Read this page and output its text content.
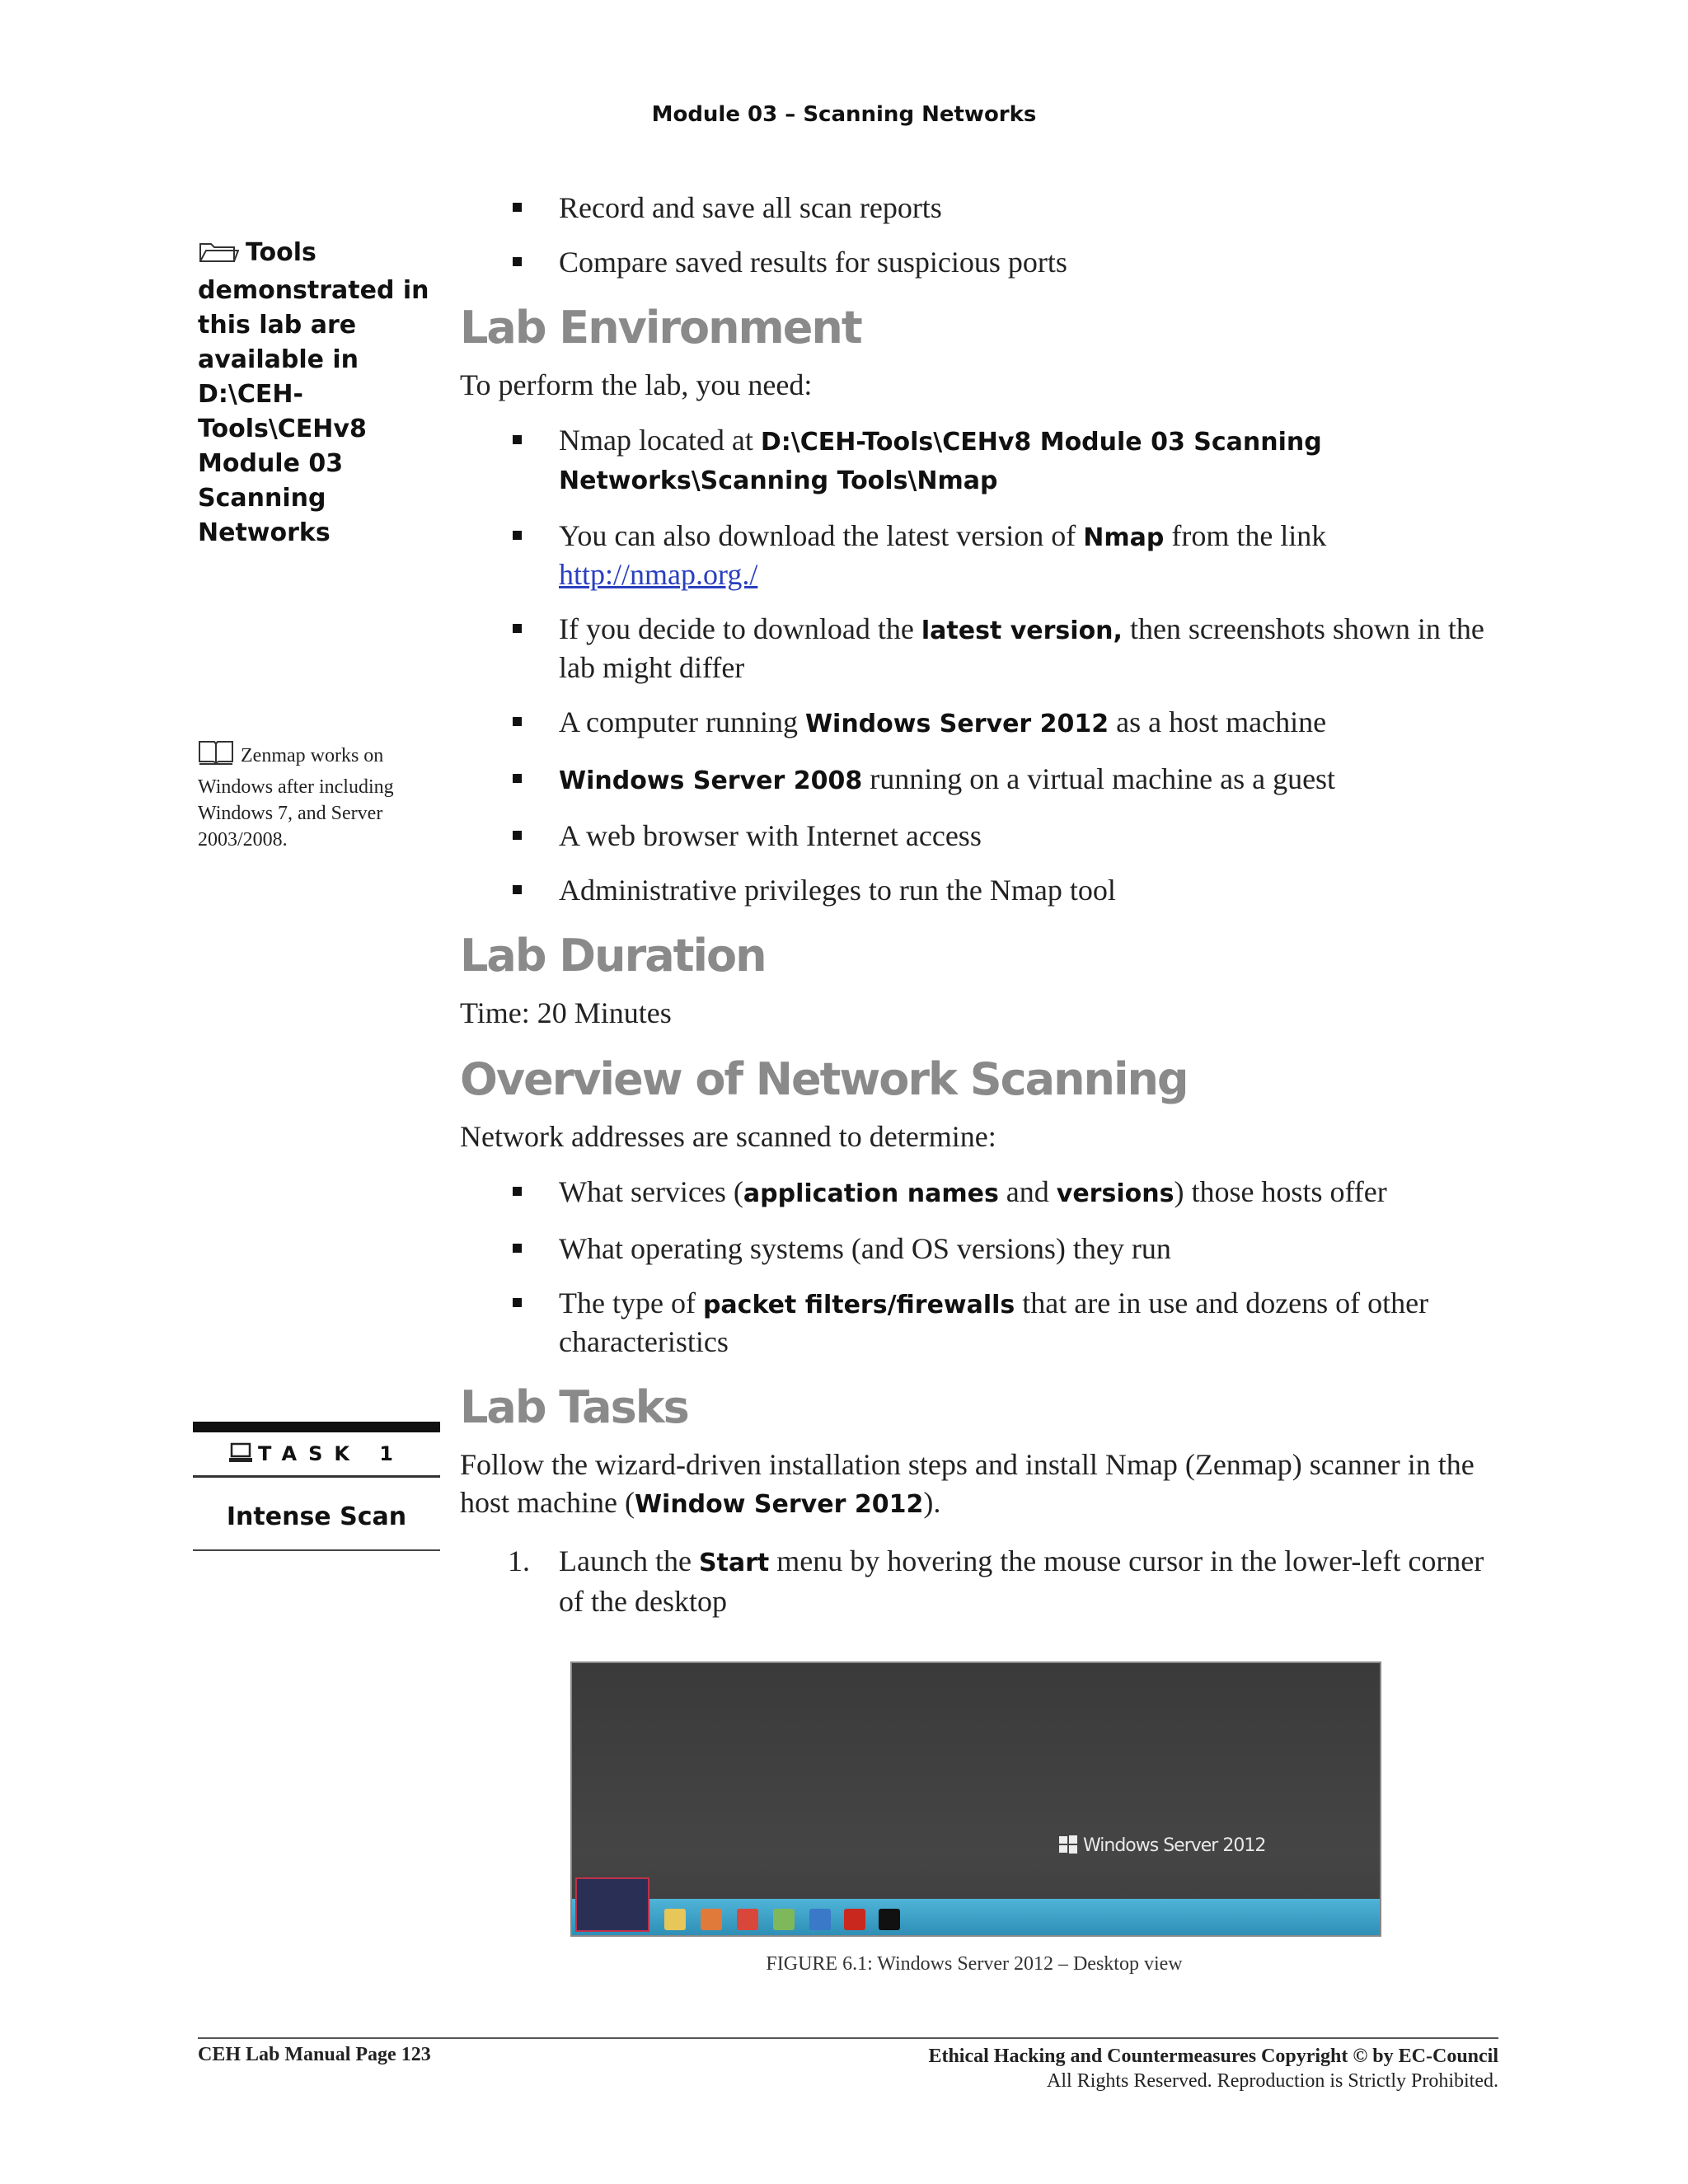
Module 03 – Scanning Networks
Tools demonstrated in this lab are available in D:\CEH-Tools\CEHv8 Module 03 Scanning Networks
Zenmap works on Windows after including Windows 7, and Server 2003/2008.
TASK 1
Intense Scan
Record and save all scan reports
Compare saved results for suspicious ports
Lab Environment

To perform the lab, you need:

Nmap located at D:\CEH-Tools\CEHv8 Module 03 Scanning Networks\Scanning Tools\Nmap
You can also download the latest version of Nmap from the link http://nmap.org./
If you decide to download the latest version, then screenshots shown in the lab might differ
A computer running Windows Server 2012 as a host machine
Windows Server 2008 running on a virtual machine as a guest
A web browser with Internet access
Administrative privileges to run the Nmap tool
Lab Duration

Time: 20 Minutes

Overview of Network Scanning

Network addresses are scanned to determine:

What services (application names and versions) those hosts offer
What operating systems (and OS versions) they run
The type of packet filters/firewalls that are in use and dozens of other characteristics
Lab Tasks

Follow the wizard-driven installation steps and install Nmap (Zenmap) scanner in the host machine (Window Server 2012).

1. Launch the Start menu by hovering the mouse cursor in the lower-left corner of the desktop
Windows Server 2012
FIGURE 6.1: Windows Server 2012 – Desktop view
CEH Lab Manual Page 123	Ethical Hacking and Countermeasures Copyright © by EC-Council
All Rights Reserved. Reproduction is Strictly Prohibited.
